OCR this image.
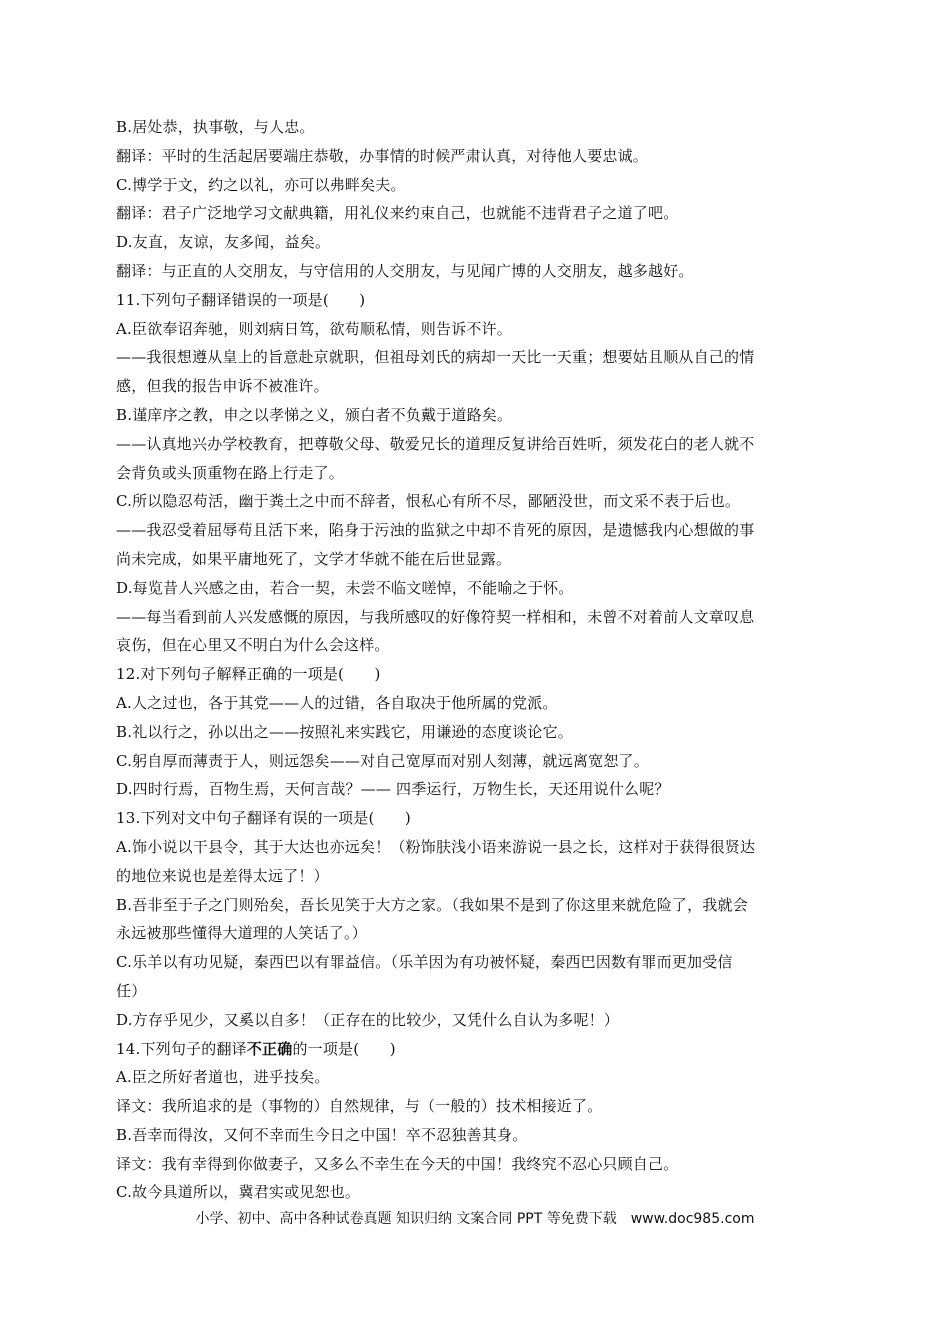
B.居处恭，执事敬，与人忠。
翻译：平时的生活起居要端庄恭敬，办事情的时候严肃认真，对待他人要忠诚。
C.博学于文，约之以礼，亦可以弗畔矣夫。
翻译：君子广泛地学习文献典籍，用礼仪来约束自己，也就能不违背君子之道了吧。
D.友直，友谅，友多闻，益矣。
翻译：与正直的人交朋友，与守信用的人交朋友，与见闻广博的人交朋友，越多越好。
11.下列句子翻译错误的一项是(　　)
A.臣欲奉诏奔驰，则刘病日笃，欲苟顺私情，则告诉不许。
——我很想遵从皇上的旨意赴京就职，但祖母刘氏的病却一天比一天重；想要姑且顺从自己的情
感，但我的报告申诉不被准许。
B.谨庠序之教，申之以孝悌之义，颁白者不负戴于道路矣。
——认真地兴办学校教育，把尊敬父母、敬爱兄长的道理反复讲给百姓听，须发花白的老人就不
会背负或头顶重物在路上行走了。
C.所以隐忍苟活，幽于粪土之中而不辞者，恨私心有所不尽，鄙陋没世，而文采不表于后也。
——我忍受着屈辱苟且活下来，陷身于污浊的监狱之中却不肯死的原因，是遗憾我内心想做的事
尚未完成，如果平庸地死了，文学才华就不能在后世显露。
D.每览昔人兴感之由，若合一契，未尝不临文嗟悼，不能喻之于怀。
——每当看到前人兴发感慨的原因，与我所感叹的好像符契一样相和，未曾不对着前人文章叹息
哀伤，但在心里又不明白为什么会这样。
12.对下列句子解释正确的一项是(　　)
A.人之过也，各于其党——人的过错，各自取决于他所属的党派。
B.礼以行之，孙以出之——按照礼来实践它，用谦逊的态度谈论它。
C.躬自厚而薄责于人，则远怨矣——对自己宽厚而对别人刻薄，就远离宽恕了。
D.四时行焉，百物生焉，天何言哉？—— 四季运行，万物生长，天还用说什么呢？
13.下列对文中句子翻译有误的一项是(　　)
A.饰小说以干县令，其于大达也亦远矣！（粉饰肤浅小语来游说一县之长，这样对于获得很贤达
的地位来说也是差得太远了！）
B.吾非至于子之门则殆矣，吾长见笑于大方之家。（我如果不是到了你这里来就危险了，我就会
永远被那些懂得大道理的人笑话了。）
C.乐羊以有功见疑，秦西巴以有罪益信。（乐羊因为有功被怀疑，秦西巴因数有罪而更加受信
任）
D.方存乎见少，又奚以自多！（正存在的比较少，又凭什么自认为多呢！）
14.下列句子的翻译不正确的一项是(　　)
A.臣之所好者道也，进乎技矣。
译文：我所追求的是（事物的）自然规律，与（一般的）技术相接近了。
B.吾幸而得汝，又何不幸而生今日之中国！卒不忍独善其身。
译文：我有幸得到你做妻子，又多么不幸生在今天的中国！我终究不忍心只顾自己。
C.故今具道所以，冀君实或见恕也。
小学、初中、高中各种试卷真题 知识归纳 文案合同 PPT 等免费下载　www.doc985.com
